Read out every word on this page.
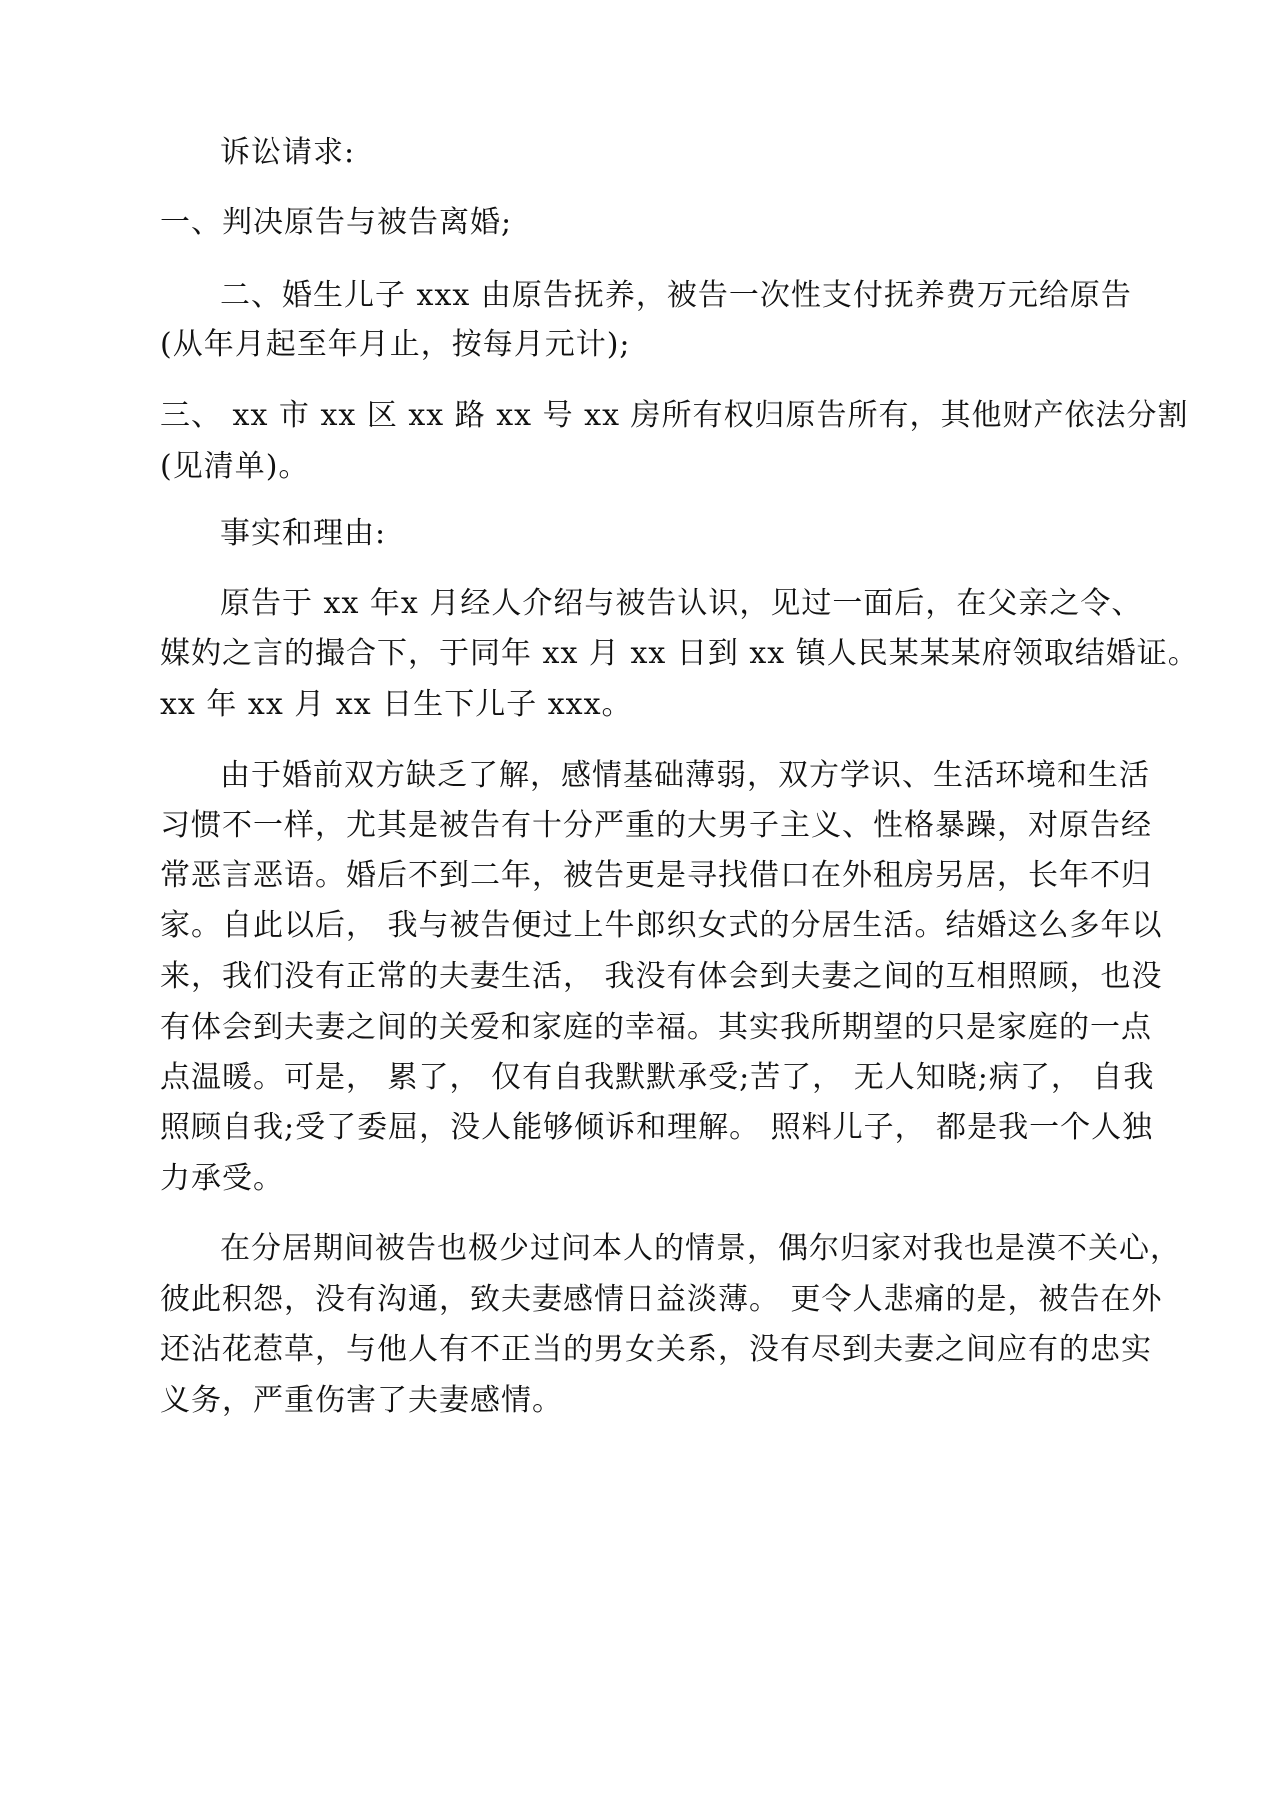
诉讼请求:
一、判决原告与被告离婚;
二、婚生儿子 xxx 由原告抚养，被告一次性支付抚养费万元给原告
(从年月起至年月止，按每月元计);
三、 xx 市 xx 区 xx 路 xx 号 xx 房所有权归原告所有，其他财产依法分割
(见清单)。
事实和理由:
原告于 xx 年x 月经人介绍与被告认识，见过一面后，在父亲之令、
媒妁之言的撮合下，于同年 xx 月 xx 日到 xx 镇人民某某某府领取结婚证。
xx 年 xx 月 xx 日生下儿子 xxx。
由于婚前双方缺乏了解，感情基础薄弱，双方学识、生活环境和生活
习惯不一样，尤其是被告有十分严重的大男子主义、性格暴躁，对原告经
常恶言恶语。婚后不到二年，被告更是寻找借口在外租房另居，长年不归
家。自此以后， 我与被告便过上牛郎织女式的分居生活。结婚这么多年以
来，我们没有正常的夫妻生活， 我没有体会到夫妻之间的互相照顾，也没
有体会到夫妻之间的关爱和家庭的幸福。其实我所期望的只是家庭的一点
点温暖。可是， 累了， 仅有自我默默承受;苦了， 无人知晓;病了， 自我
照顾自我;受了委屈，没人能够倾诉和理解。 照料儿子， 都是我一个人独
力承受。
在分居期间被告也极少过问本人的情景，偶尔归家对我也是漠不关心，
彼此积怨，没有沟通，致夫妻感情日益淡薄。 更令人悲痛的是，被告在外
还沾花惹草，与他人有不正当的男女关系，没有尽到夫妻之间应有的忠实
义务，严重伤害了夫妻感情。
